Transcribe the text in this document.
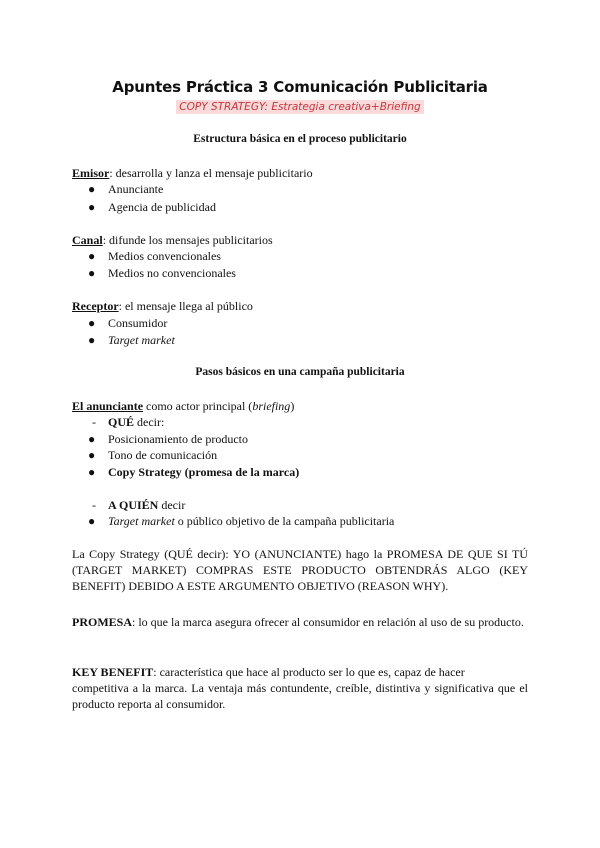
Apuntes Práctica 3 Comunicación Publicitaria
COPY STRATEGY: Estrategia creativa+Briefing
Estructura básica en el proceso publicitario
Emisor: desarrolla y lanza el mensaje publicitario
● Anunciante
● Agencia de publicidad
Canal: difunde los mensajes publicitarios
● Medios convencionales
● Medios no convencionales
Receptor: el mensaje llega al público
● Consumidor
● Target market
Pasos básicos en una campaña publicitaria
El anunciante como actor principal (briefing)
- QUÉ decir:
● Posicionamiento de producto
● Tono de comunicación
● Copy Strategy (promesa de la marca)
- A QUIÉN decir
● Target market o público objetivo de la campaña publicitaria
La Copy Strategy (QUÉ decir): YO (ANUNCIANTE) hago la PROMESA DE QUE SI TÚ (TARGET MARKET) COMPRAS ESTE PRODUCTO OBTENDRÁS ALGO (KEY BENEFIT) DEBIDO A ESTE ARGUMENTO OBJETIVO (REASON WHY).
PROMESA: lo que la marca asegura ofrecer al consumidor en relación al uso de su producto.
KEY BENEFIT: característica que hace al producto ser lo que es, capaz de hacer
competitiva a la marca. La ventaja más contundente, creíble, distintiva y significativa que el producto reporta al consumidor.
